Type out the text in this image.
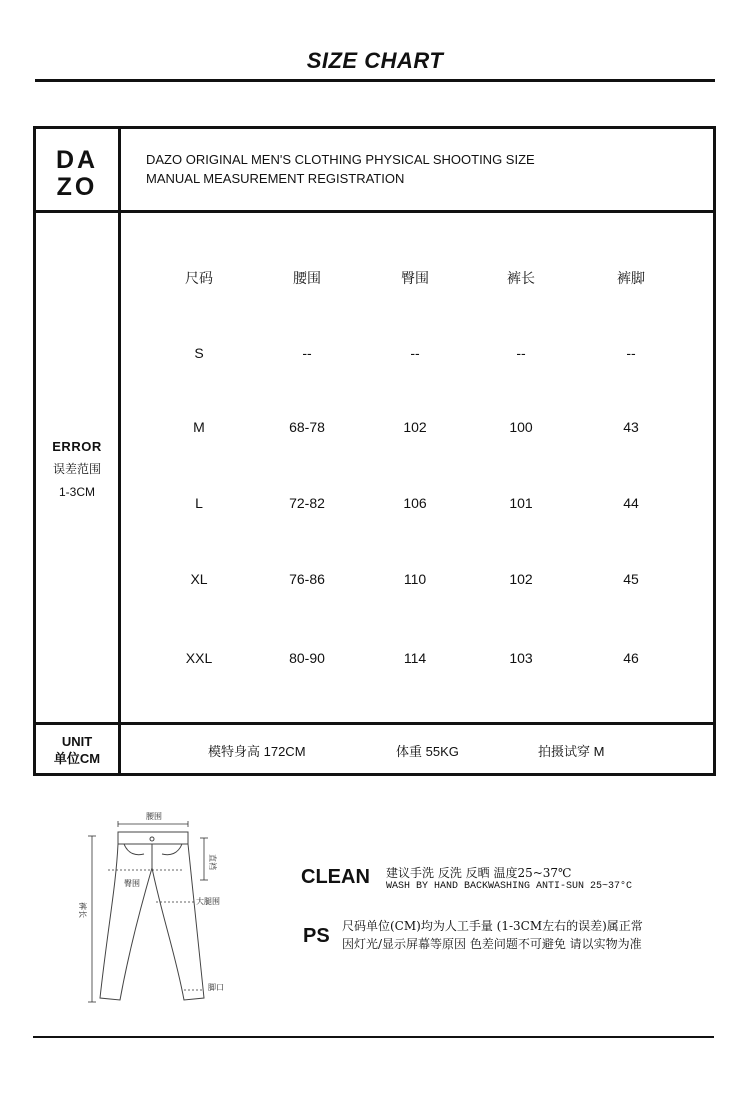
SIZE CHART
DA
ZO
DAZO ORIGINAL MEN'S CLOTHING PHYSICAL SHOOTING SIZE
MANUAL MEASUREMENT REGISTRATION
ERROR
误差范围
1-3CM
尺码	腰围	臀围	裤长	裤脚
S	--	--	--	--
M	68-78	102	100	43
L	72-82	106	101	44
XL	76-86	110	102	45
XXL	80-90	114	103	46
UNIT
单位CM	模特身高 172CM	体重 55KG	拍摄试穿 M
腰围
直裆
臀围
大腿围
裤长
脚口
CLEAN 建议手洗 反洗 反晒 温度25~37℃
WASH BY HAND BACKWASHING ANTI-SUN 25~37°C
PS 尺码单位(CM)均为人工手量 (1-3CM左右的误差)属正常
因灯光/显示屏幕等原因 色差问题不可避免 请以实物为准
